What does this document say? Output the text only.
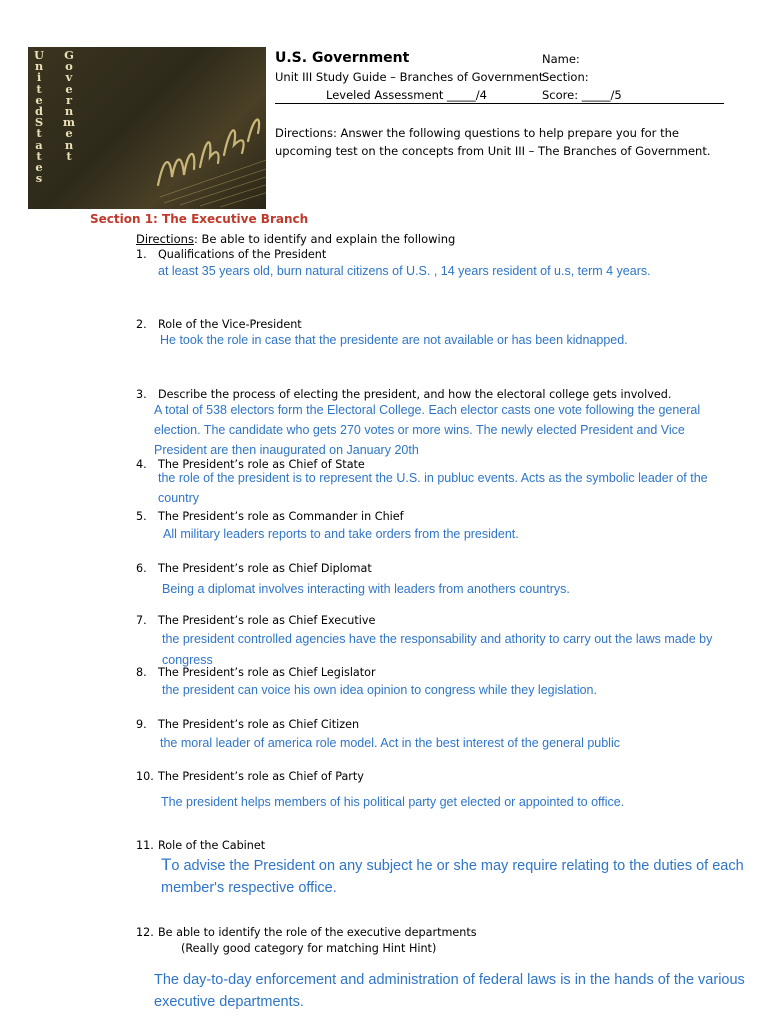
U
n
i
t
e
d
S
t
a
t
e
s
G
o
v
e
r
n
m
e
n
t
U.S. Government
Unit III Study Guide – Branches of Government
Leveled Assessment _____/4
Name:
Section:
Score: _____/5
Directions: Answer the following questions to help prepare you for the upcoming test on the concepts from Unit III – The Branches of Government.
Section 1: The Executive Branch
Directions: Be able to identify and explain the following
1. Qualifications of the President
at least 35 years old, burn natural citizens of U.S. , 14 years resident of u.s, term 4 years.
2. Role of the Vice-President
He took the role in case that the presidente are not available or has been kidnapped.
3. Describe the process of electing the president, and how the electoral college gets involved.
A total of 538 electors form the Electoral College. Each elector casts one vote following the general election. The candidate who gets 270 votes or more wins. The newly elected President and Vice President are then inaugurated on January 20th
4. The President’s role as Chief of State
the role of the president is to represent the U.S. in publuc events. Acts as the symbolic leader of the country
5. The President’s role as Commander in Chief
All military leaders reports to and take orders from the president.
6. The President’s role as Chief Diplomat
Being a diplomat involves interacting with leaders from anothers countrys.
7. The President’s role as Chief Executive
the president controlled agencies have the responsability and athority to carry out the laws made by congress
8. The President’s role as Chief Legislator
the president can voice his own idea opinion to congress while they legislation.
9. The President’s role as Chief Citizen
the moral leader of america role model. Act in the best interest of the general public
10. The President’s role as Chief of Party
The president helps members of his political party get elected or appointed to office.
11. Role of the Cabinet
To advise the President on any subject he or she may require relating to the duties of each member's respective office.
12. Be able to identify the role of the executive departments
(Really good category for matching Hint Hint)
The day-to-day enforcement and administration of federal laws is in the hands of the various executive departments.
